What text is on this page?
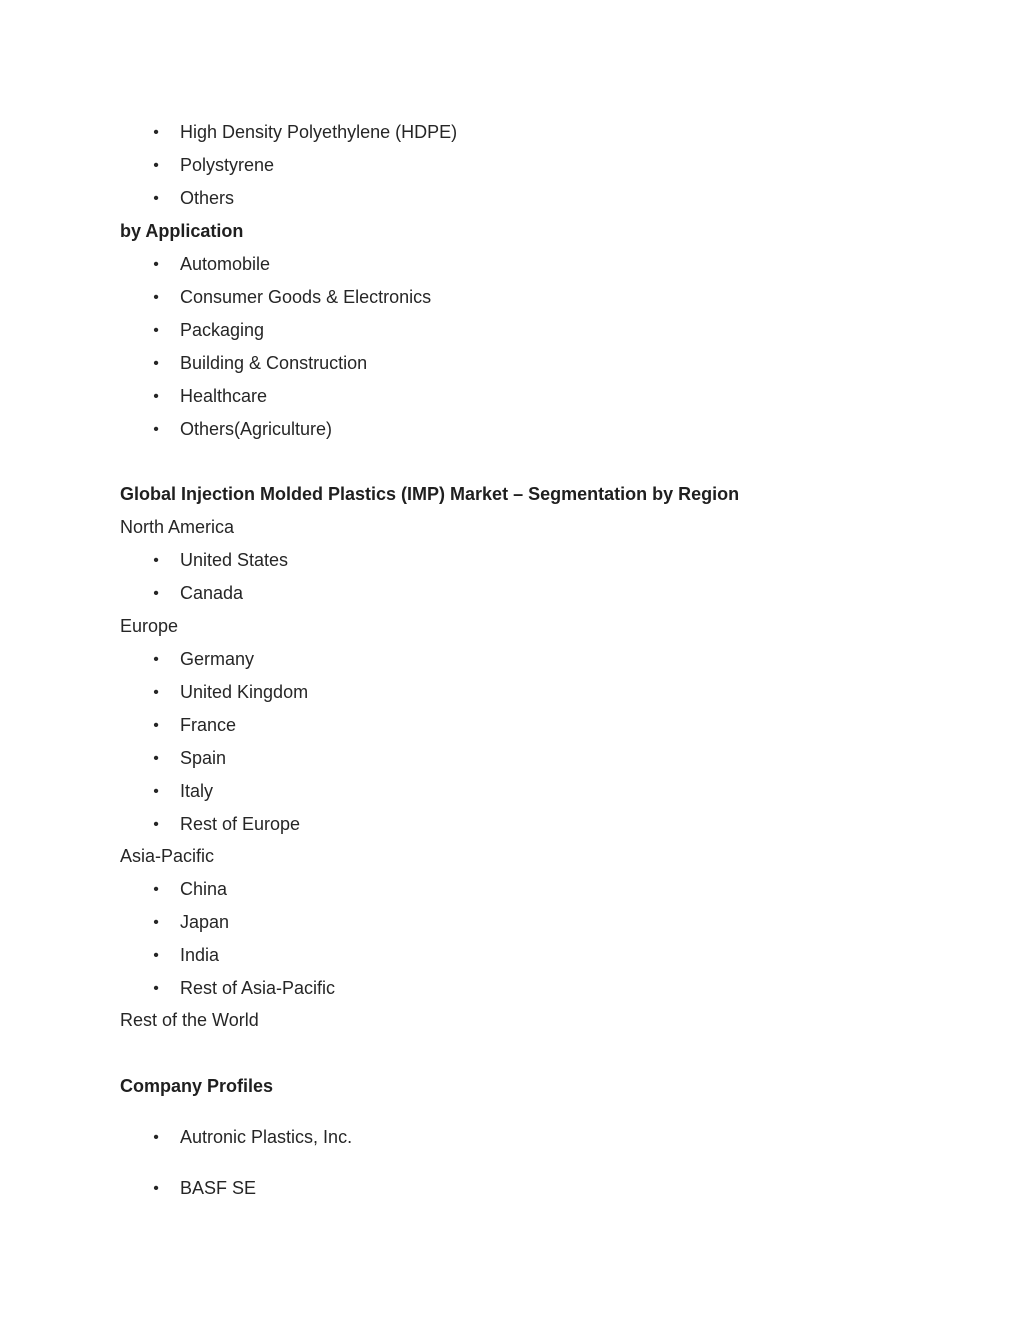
• High Density Polyethylene (HDPE)
• Polystyrene
• Others
by Application
• Automobile
• Consumer Goods & Electronics
• Packaging
• Building & Construction
• Healthcare
• Others(Agriculture)
Global Injection Molded Plastics (IMP) Market – Segmentation by Region
North America
• United States
• Canada
Europe
• Germany
• United Kingdom
• France
• Spain
• Italy
• Rest of Europe
Asia-Pacific
• China
• Japan
• India
• Rest of Asia-Pacific
Rest of the World
Company Profiles
• Autronic Plastics, Inc.
• BASF SE
